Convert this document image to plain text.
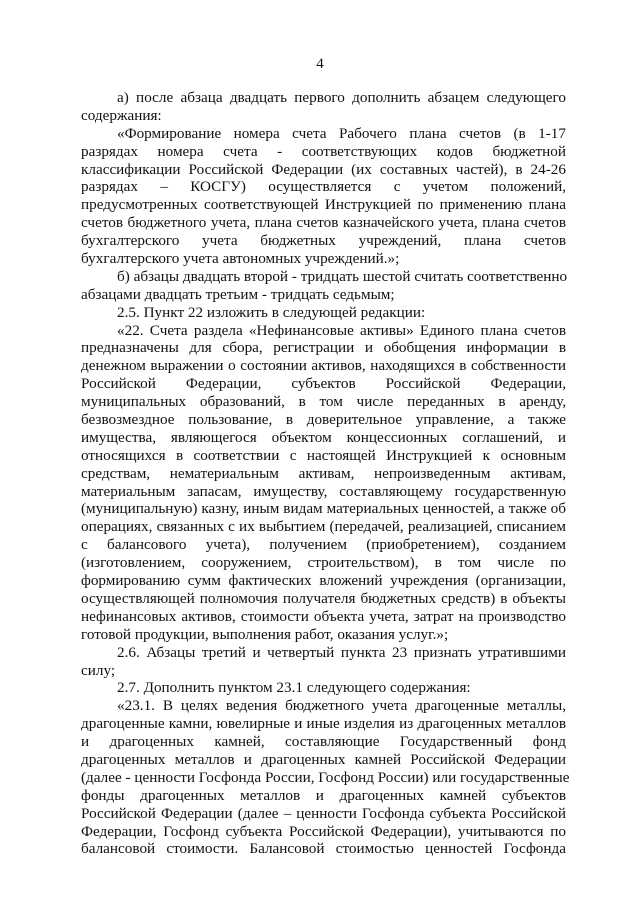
4
а) после абзаца двадцать первого дополнить абзацем следующего
содержания:
«Формирование номера счета Рабочего плана счетов (в 1-17
разрядах номера счета - соответствующих кодов бюджетной
классификации Российской Федерации (их составных частей), в 24-26
разрядах – КОСГУ) осуществляется с учетом положений,
предусмотренных соответствующей Инструкцией по применению плана
счетов бюджетного учета, плана счетов казначейского учета, плана счетов
бухгалтерского учета бюджетных учреждений, плана счетов
бухгалтерского учета автономных учреждений.»;
б) абзацы двадцать второй - тридцать шестой считать соответственно
абзацами двадцать третьим - тридцать седьмым;
2.5. Пункт 22 изложить в следующей редакции:
«22. Счета раздела «Нефинансовые активы» Единого плана счетов
предназначены для сбора, регистрации и обобщения информации в
денежном выражении о состоянии активов, находящихся в собственности
Российской Федерации, субъектов Российской Федерации,
муниципальных образований, в том числе переданных в аренду,
безвозмездное пользование, в доверительное управление, а также
имущества, являющегося объектом концессионных соглашений, и
относящихся в соответствии с настоящей Инструкцией к основным
средствам, нематериальным активам, непроизведенным активам,
материальным запасам, имуществу, составляющему государственную
(муниципальную) казну, иным видам материальных ценностей, а также об
операциях, связанных с их выбытием (передачей, реализацией, списанием
с балансового учета), получением (приобретением), созданием
(изготовлением, сооружением, строительством), в том числе по
формированию сумм фактических вложений учреждения (организации,
осуществляющей полномочия получателя бюджетных средств) в объекты
нефинансовых активов, стоимости объекта учета, затрат на производство
готовой продукции, выполнения работ, оказания услуг.»;
2.6. Абзацы третий и четвертый пункта 23 признать утратившими
силу;
2.7. Дополнить пунктом 23.1 следующего содержания:
«23.1. В целях ведения бюджетного учета драгоценные металлы,
драгоценные камни, ювелирные и иные изделия из драгоценных металлов
и драгоценных камней, составляющие Государственный фонд
драгоценных металлов и драгоценных камней Российской Федерации
(далее - ценности Госфонда России, Госфонд России) или государственные
фонды драгоценных металлов и драгоценных камней субъектов
Российской Федерации (далее – ценности Госфонда субъекта Российской
Федерации, Госфонд субъекта Российской Федерации), учитываются по
балансовой стоимости. Балансовой стоимостью ценностей Госфонда
